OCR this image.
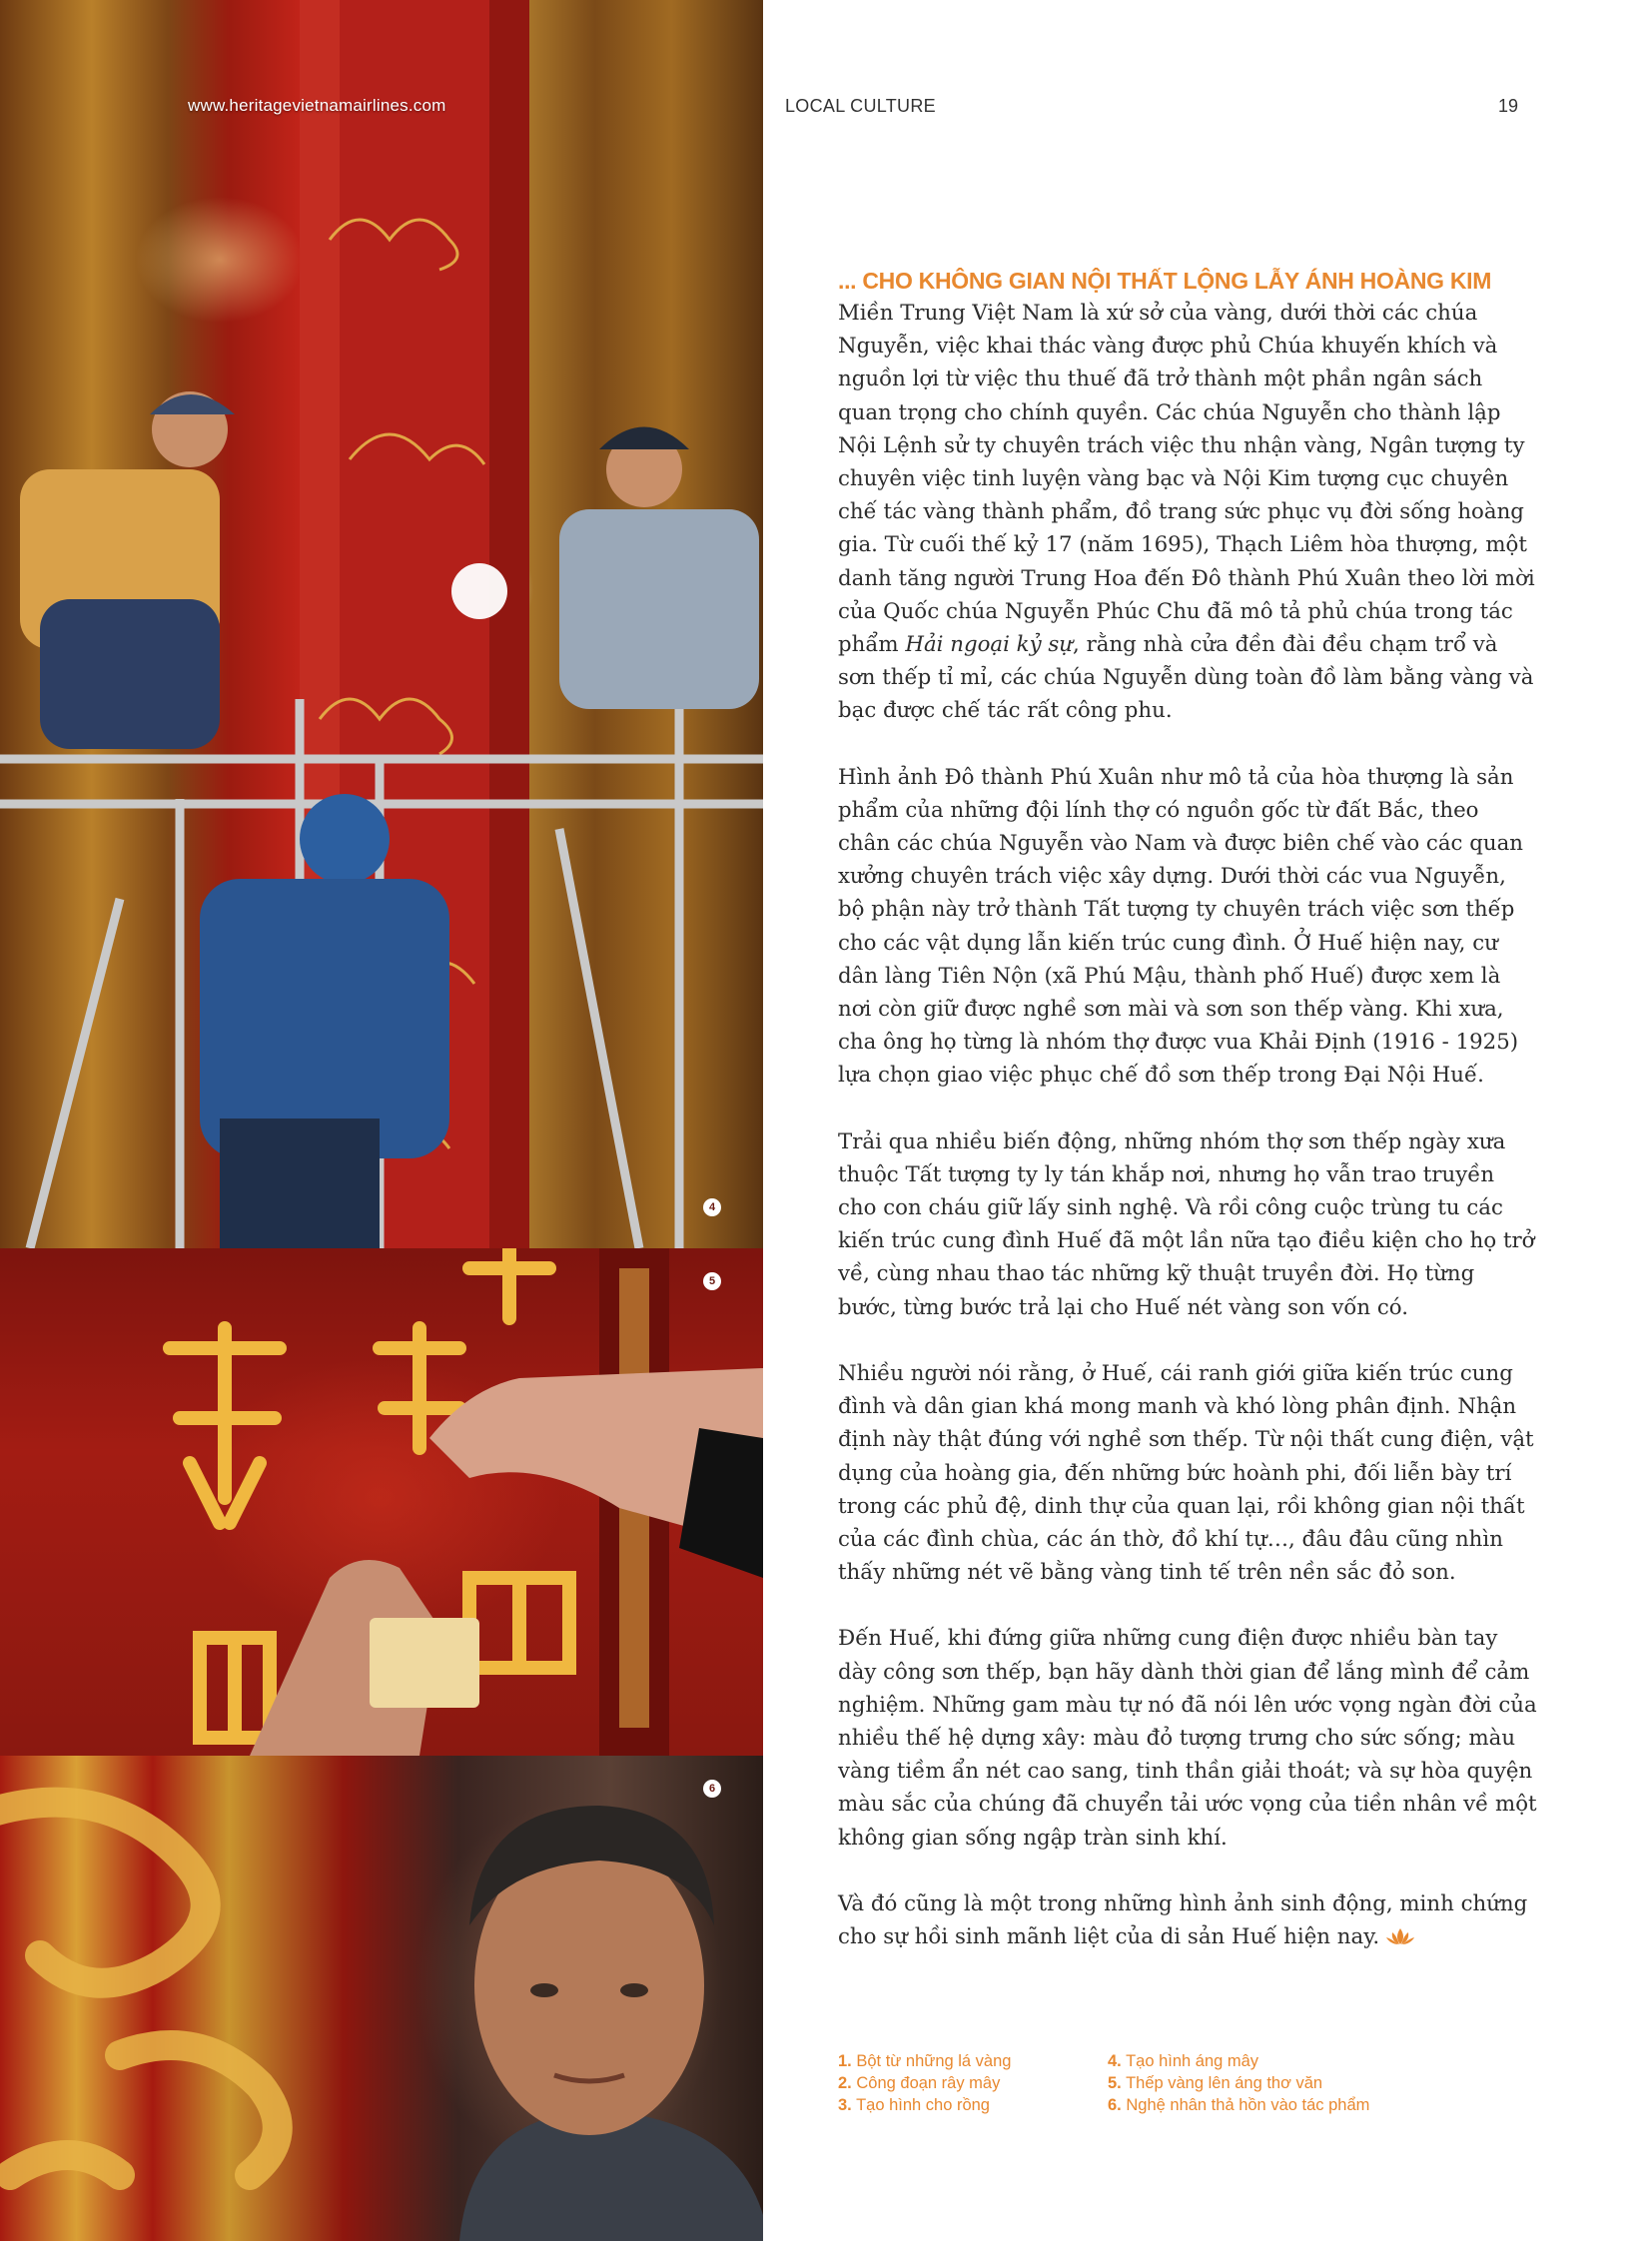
www.heritagevietnamairlines.com
4
5
6
LOCAL CULTURE	19
... CHO KHÔNG GIAN NỘI THẤT LỘNG LẪY ÁNH HOÀNG KIM

Miền Trung Việt Nam là xứ sở của vàng, dưới thời các chúa Nguyễn, việc khai thác vàng được phủ Chúa khuyến khích và nguồn lợi từ việc thu thuế đã trở thành một phần ngân sách quan trọng cho chính quyền. Các chúa Nguyễn cho thành lập Nội Lệnh sử ty chuyên trách việc thu nhận vàng, Ngân tượng ty chuyên việc tinh luyện vàng bạc và Nội Kim tượng cục chuyên chế tác vàng thành phẩm, đồ trang sức phục vụ đời sống hoàng gia. Từ cuối thế kỷ 17 (năm 1695), Thạch Liêm hòa thượng, một danh tăng người Trung Hoa đến Đô thành Phú Xuân theo lời mời của Quốc chúa Nguyễn Phúc Chu đã mô tả phủ chúa trong tác phẩm Hải ngoại kỷ sự, rằng nhà cửa đền đài đều chạm trổ và sơn thếp tỉ mỉ, các chúa Nguyễn dùng toàn đồ làm bằng vàng và bạc được chế tác rất công phu.

Hình ảnh Đô thành Phú Xuân như mô tả của hòa thượng là sản phẩm của những đội lính thợ có nguồn gốc từ đất Bắc, theo chân các chúa Nguyễn vào Nam và được biên chế vào các quan xưởng chuyên trách việc xây dựng. Dưới thời các vua Nguyễn, bộ phận này trở thành Tất tượng ty chuyên trách việc sơn thếp cho các vật dụng lẫn kiến trúc cung đình. Ở Huế hiện nay, cư dân làng Tiên Nộn (xã Phú Mậu, thành phố Huế) được xem là nơi còn giữ được nghề sơn mài và sơn son thếp vàng. Khi xưa, cha ông họ từng là nhóm thợ được vua Khải Định (1916 - 1925) lựa chọn giao việc phục chế đồ sơn thếp trong Đại Nội Huế.

Trải qua nhiều biến động, những nhóm thợ sơn thếp ngày xưa thuộc Tất tượng ty ly tán khắp nơi, nhưng họ vẫn trao truyền cho con cháu giữ lấy sinh nghệ. Và rồi công cuộc trùng tu các kiến trúc cung đình Huế đã một lần nữa tạo điều kiện cho họ trở về, cùng nhau thao tác những kỹ thuật truyền đời. Họ từng bước, từng bước trả lại cho Huế nét vàng son vốn có.

Nhiều người nói rằng, ở Huế, cái ranh giới giữa kiến trúc cung đình và dân gian khá mong manh và khó lòng phân định. Nhận định này thật đúng với nghề sơn thếp. Từ nội thất cung điện, vật dụng của hoàng gia, đến những bức hoành phi, đối liễn bày trí trong các phủ đệ, dinh thự của quan lại, rồi không gian nội thất của các đình chùa, các án thờ, đồ khí tự…, đâu đâu cũng nhìn thấy những nét vẽ bằng vàng tinh tế trên nền sắc đỏ son.

Đến Huế, khi đứng giữa những cung điện được nhiều bàn tay dày công sơn thếp, bạn hãy dành thời gian để lắng mình để cảm nghiệm. Những gam màu tự nó đã nói lên ước vọng ngàn đời của nhiều thế hệ dựng xây: màu đỏ tượng trưng cho sức sống; màu vàng tiềm ẩn nét cao sang, tinh thần giải thoát; và sự hòa quyện màu sắc của chúng đã chuyển tải ước vọng của tiền nhân về một không gian sống ngập tràn sinh khí.

Và đó cũng là một trong những hình ảnh sinh động, minh chứng cho sự hồi sinh mãnh liệt của di sản Huế hiện nay.

1. Bột từ những lá vàng	4. Tạo hình áng mây
2. Công đoạn rây mây	5. Thếp vàng lên áng thơ văn
3. Tạo hình cho rồng	6. Nghệ nhân thả hồn vào tác phẩm
